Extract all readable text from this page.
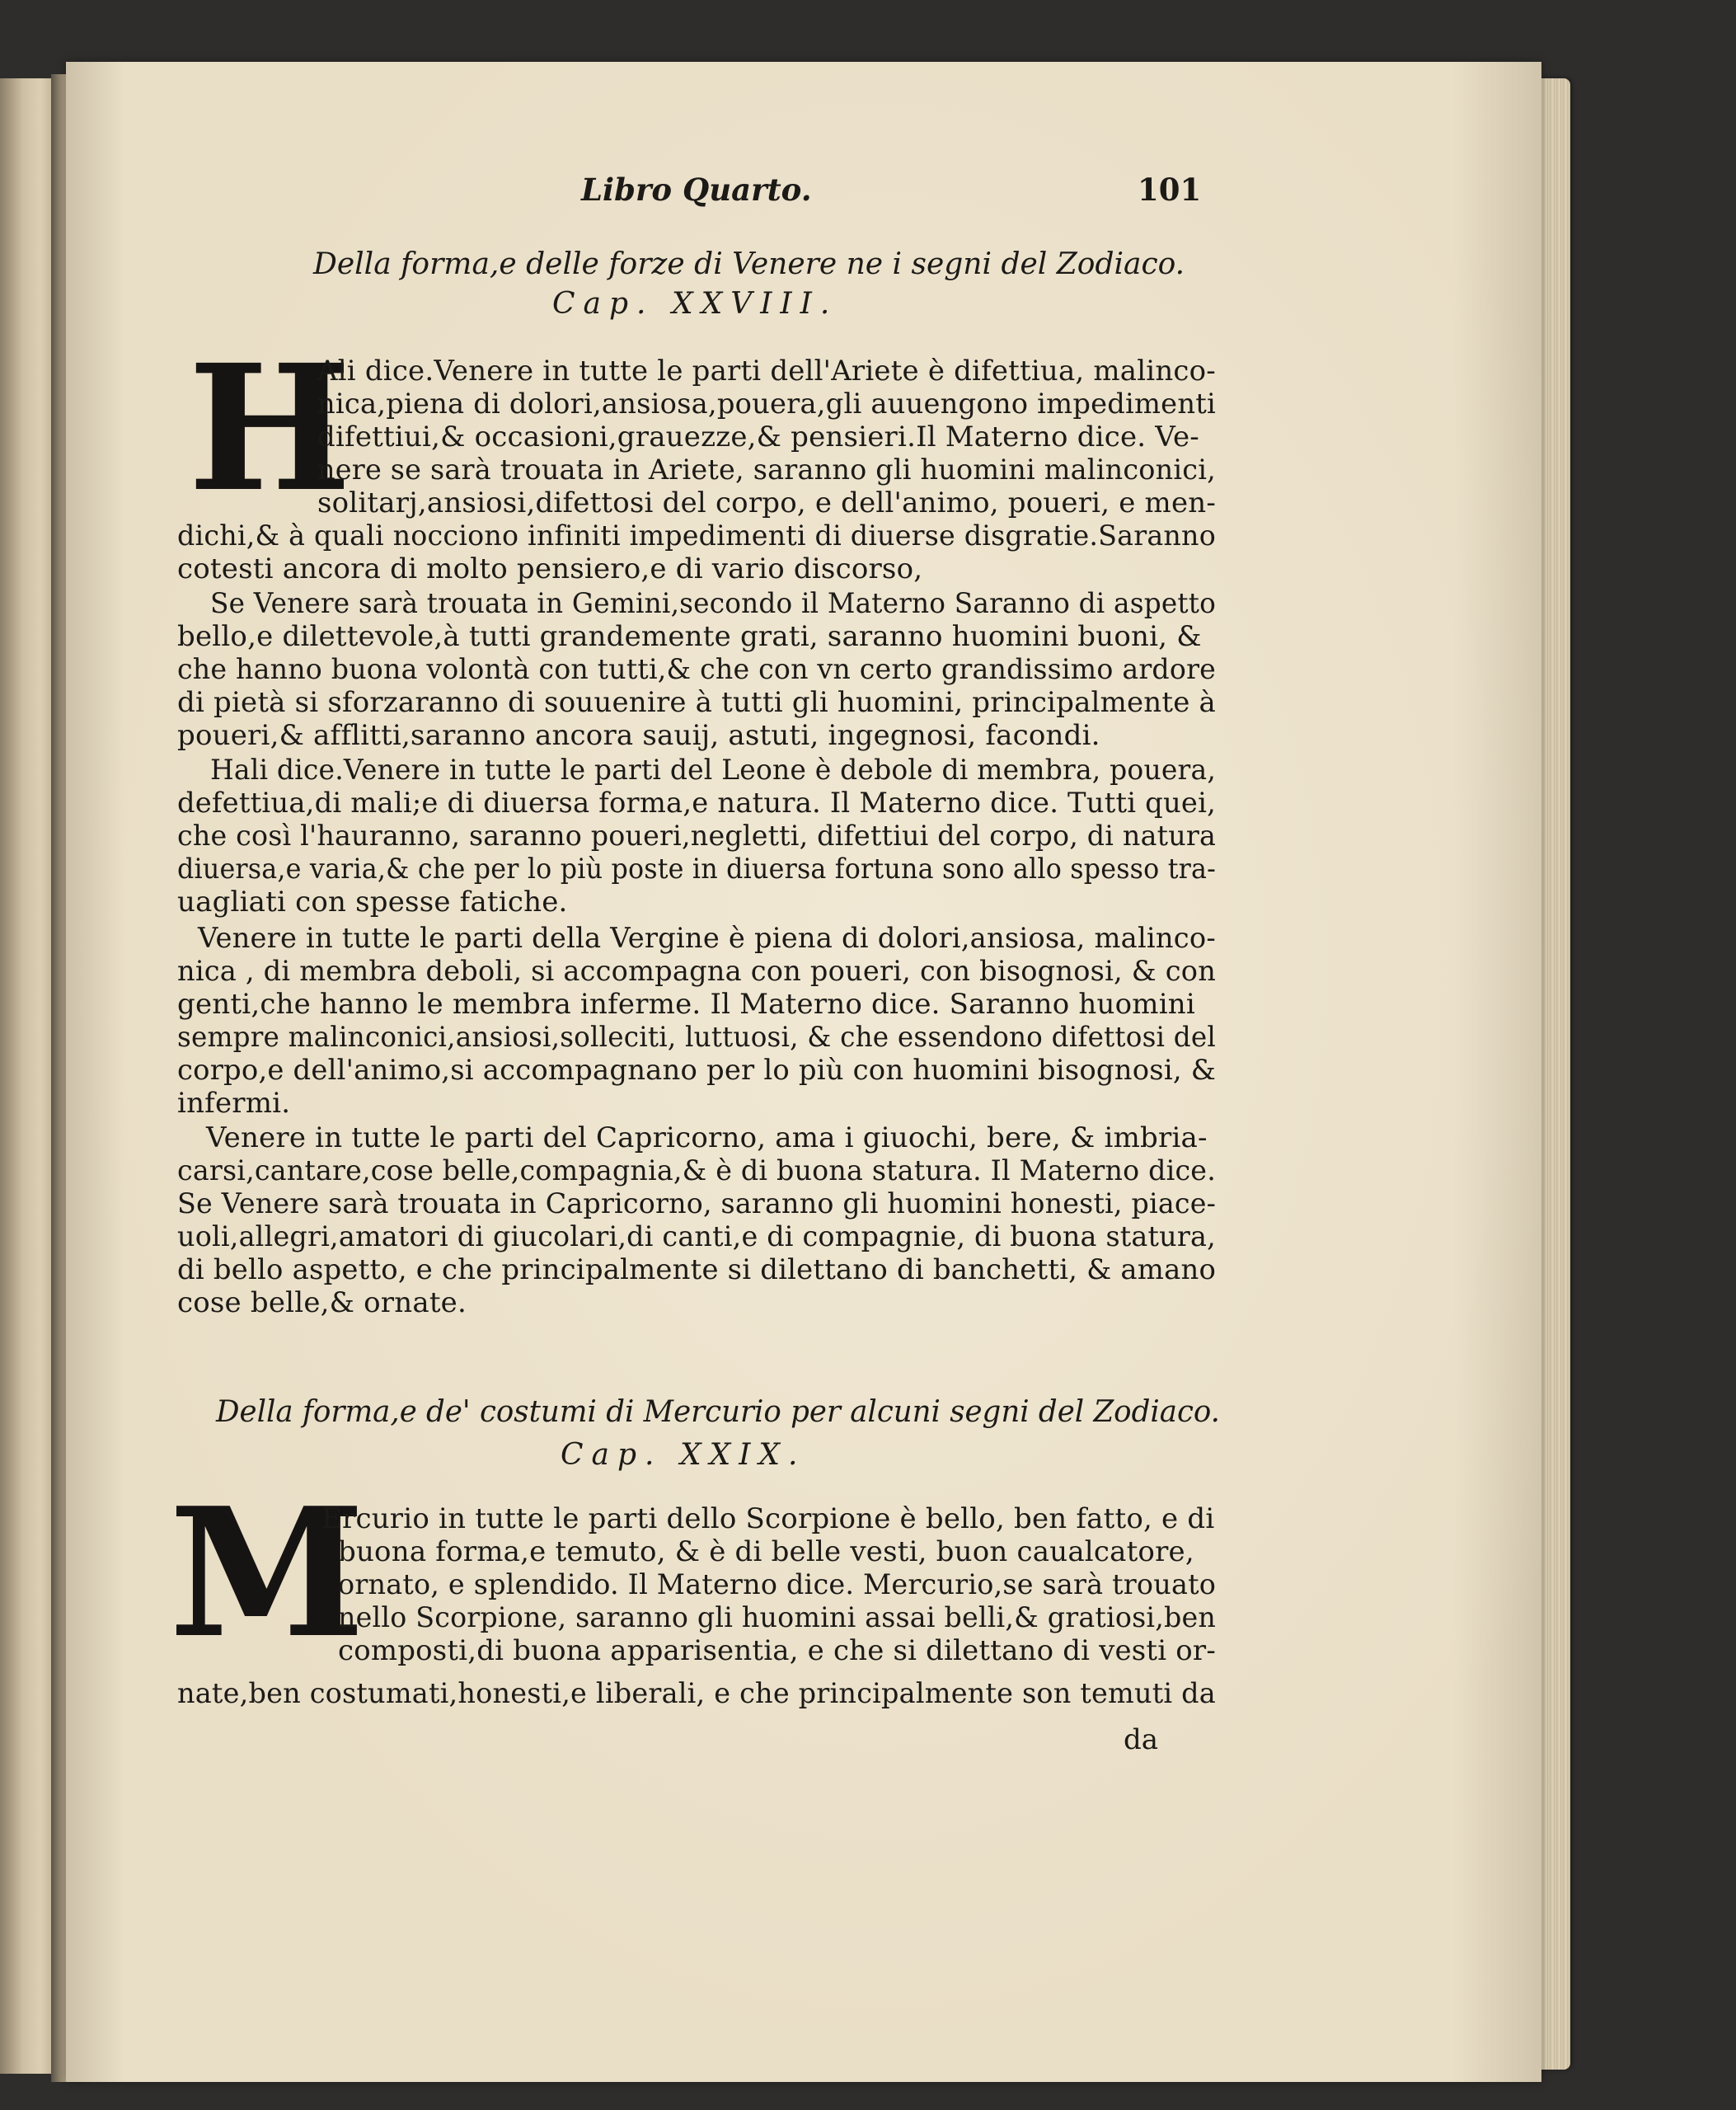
Libro Quarto.	101
Della forma,e delle forze di Venere ne i segni del Zodiaco.
Cap. XXVIII.
H
Ali dice.Venere in tutte le parti dell'Ariete è difettiua, malinco-
nica,piena di dolori,ansiosa,pouera,gli auuengono impedimenti
difettiui,& occasioni,grauezze,& pensieri.Il Materno dice. Ve-
nere se sarà trouata in Ariete, saranno gli huomini malinconici,
solitarj,ansiosi,difettosi del corpo, e dell'animo, poueri, e men-
dichi,& à quali nocciono infiniti impedimenti di diuerse disgratie.Saranno
cotesti ancora di molto pensiero,e di vario discorso,
Se Venere sarà trouata in Gemini,secondo il Materno Saranno di aspetto
bello,e dilettevole,à tutti grandemente grati, saranno huomini buoni, &
che hanno buona volontà con tutti,& che con vn certo grandissimo ardore
di pietà si sforzaranno di souuenire à tutti gli huomini, principalmente à
poueri,& afflitti,saranno ancora sauij, astuti, ingegnosi, facondi.
Hali dice.Venere in tutte le parti del Leone è debole di membra, pouera,
defettiua,di mali;e di diuersa forma,e natura. Il Materno dice. Tutti quei,
che così l'hauranno, saranno poueri,negletti, difettiui del corpo, di natura
diuersa,e varia,& che per lo più poste in diuersa fortuna sono allo spesso tra-
uagliati con spesse fatiche.
Venere in tutte le parti della Vergine è piena di dolori,ansiosa, malinco-
nica , di membra deboli, si accompagna con poueri, con bisognosi, & con
genti,che hanno le membra inferme. Il Materno dice. Saranno huomini
sempre malinconici,ansiosi,solleciti, luttuosi, & che essendono difettosi del
corpo,e dell'animo,si accompagnano per lo più con huomini bisognosi, &
infermi.
Venere in tutte le parti del Capricorno, ama i giuochi, bere, & imbria-
carsi,cantare,cose belle,compagnia,& è di buona statura. Il Materno dice.
Se Venere sarà trouata in Capricorno, saranno gli huomini honesti, piace-
uoli,allegri,amatori di giucolari,di canti,e di compagnie, di buona statura,
di bello aspetto, e che principalmente si dilettano di banchetti, & amano
cose belle,& ornate.
Della forma,e de' costumi di Mercurio per alcuni segni del Zodiaco.
Cap. XXIX.
M
Ercurio in tutte le parti dello Scorpione è bello, ben fatto, e di
buona forma,e temuto, & è di belle vesti, buon caualcatore,
ornato, e splendido. Il Materno dice. Mercurio,se sarà trouato
nello Scorpione, saranno gli huomini assai belli,& gratiosi,ben
composti,di buona apparisentia, e che si dilettano di vesti or-
nate,ben costumati,honesti,e liberali, e che principalmente son temuti da
da
